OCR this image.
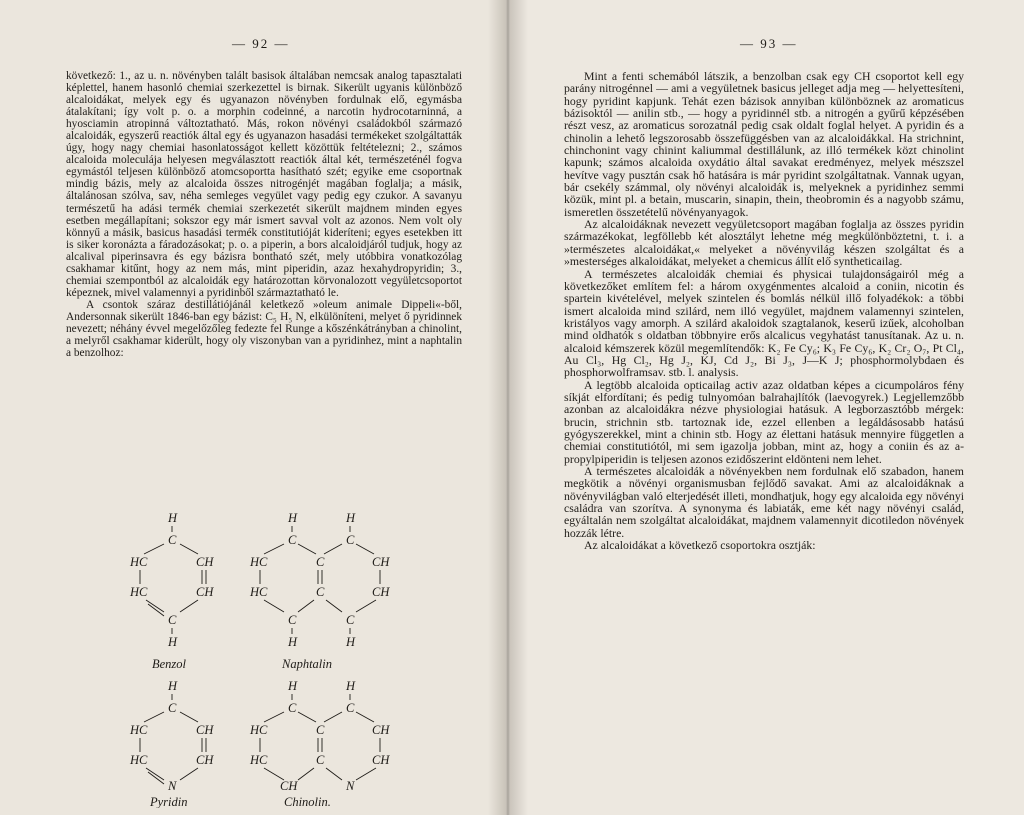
— 92 —

következő: 1., az u. n. növényben talált basisok általában nemcsak analog tapasztalati képlettel, hanem hasonló chemiai szerkezettel is birnak. Sikerült ugyanis különböző alcaloidákat, melyek egy és ugyanazon növényben fordulnak elő, egymásba átalakítani; így volt p. o. a morphin codeinné, a narcotin hydrocotarninná, a hyosciamin atropinná változtatható. Más, rokon növényi családokból származó alcaloidák, egyszerű reactiók által egy és ugyanazon hasadási termékeket szolgáltatták úgy, hogy nagy chemiai hasonlatosságot kellett közöttük feltételezni; 2., számos alcaloida moleculája helyesen megválasztott reactiók által két, természeténél fogva egymástól teljesen különböző atomcsoportta hasítható szét; egyike eme csoportnak mindig bázis, mely az alcaloida összes nitrogénjét magában foglalja; a másik, általánosan szólva, sav, néha semleges vegyület vagy pedig egy czukor. A savanyu természetű ha adási termék chemiai szerkezetét sikerült majdnem minden egyes esetben megállapítani; sokszor egy már ismert savval volt az azonos. Nem volt oly könnyű a másik, basicus hasadási termék constitutióját kideríteni; egyes esetekben itt is siker koronázta a fáradozásokat; p. o. a piperin, a bors alcaloidjáról tudjuk, hogy az alcalival piperinsavra és egy bázisra bontható szét, mely utóbbira vonatkozólag csakhamar kitűnt, hogy az nem más, mint piperidin, azaz hexahydropyridin; 3., chemiai szempontból az alcaloidák egy határozottan körvonalozott vegyületcsoportot képeznek, mivel valamennyi a pyridinből származtatható le.

A csontok száraz destillátiójánál keletkező »oleum animale Dippeli«-ből, Andersonnak sikerült 1846-ban egy bázist: C₅ H₅ N, elkülöníteni, melyet ő pyridinnek nevezett; néhány évvel megelőzőleg fedezte fel Runge a kőszénkátrányban a chinolint, a melyről csakhamar kiderült, hogy oly viszonyban van a pyridinhez, mint a naphtalin a benzolhoz:

H
C
HC	CH
HC	CH
C
H
Benzol
H	H
C	C
HC	C	CH
HC	C	CH
C	C
H	H
Naphtalin
H
C
HC	CH
HC	CH
N
Pyridin
H	H
C	C
HC	C	CH
HC	C	CH
CH	N
Chinolin.
— 93 —

Mint a fenti schemából látszik, a benzolban csak egy CH csoportot kell egy parány nitrogénnel — ami a vegyületnek basicus jelleget adja meg — helyettesíteni, hogy pyridint kapjunk. Tehát ezen bázisok annyiban különböznek az aromaticus bázisoktól — anilin stb., — hogy a pyridinnél stb. a nitrogén a gyűrű képzésében részt vesz, az aromaticus sorozatnál pedig csak oldalt foglal helyet. A pyridin és a chinolin a lehető legszorosabb összefüggésben van az alcaloidákkal. Ha strichnint, chinchonint vagy chinint kaliummal destillálunk, az illó termékek közt chinolint kapunk; számos alcaloida oxydátio által savakat eredményez, melyek mészszel hevítve vagy pusztán csak hő hatására is már pyridint szolgáltatnak. Vannak ugyan, bár csekély számmal, oly növényi alcaloidák is, melyeknek a pyridinhez semmi közük, mint pl. a betain, muscarin, sinapin, thein, theobromin és a nagyobb számu, ismeretlen összetételű növényanyagok.

Az alcaloidáknak nevezett vegyületcsoport magában foglalja az összes pyridin származékokat, legföllebb két alosztályt lehetne még megkülönböztetni, t. i. a »természetes alcaloidákat,« melyeket a növényvilág készen szolgáltat és a »mesterséges alkaloidákat, melyeket a chemicus állít elő syntheticailag.

A természetes alcaloidák chemiai és physicai tulajdonságairól még a következőket említem fel: a három oxygénmentes alcaloid a coniin, nicotin és spartein kivételével, melyek szintelen és bomlás nélkül illő folyadékok: a többi ismert alcaloida mind szilárd, nem illó vegyület, majdnem valamennyi szintelen, kristályos vagy amorph. A szilárd akaloidok szagtalanok, keserű izűek, alcoholban mind oldhatók s oldatban többnyire erős alcalicus vegyhatást tanusítanak. Az u. n. alcaloid kémszerek közül megemlítendők: K₂ Fe Cy₆; K₃ Fe Cy₆, K₂ Cr₂ O₇, Pt Cl₄, Au Cl₃, Hg Cl₂, Hg J₂, KJ, Cd J₂, Bi J₃, J—K J; phosphormolybdaen és phosphorwolframsav. stb. l. analysis.

A legtöbb alcaloida opticailag activ azaz oldatban képes a cicumpoláros fény síkját elfordítani; és pedig tulnyomóan balrahajlítók (laevogyrek.) Legjellemzőbb azonban az alcaloidákra nézve physiologiai hatásuk. A legborzasztóbb mérgek: brucin, strichnin stb. tartoznak ide, ezzel ellenben a legáldásosabb hatású gyógyszerekkel, mint a chinin stb. Hogy az élettani hatásuk mennyire független a chemiai constitutiótól, mi sem igazolja jobban, mint az, hogy a coniin és az a-propylpiperidin is teljesen azonos ezidőszerint eldönteni nem lehet.

A természetes alcaloidák a növényekben nem fordulnak elő szabadon, hanem megkötik a növényi organismusban fejlődő savakat. Ami az alcaloidáknak a növényvilágban való elterjedését illeti, mondhatjuk, hogy egy alcaloida egy növényi családra van szorítva. A synonyma és labiaták, eme két nagy növényi család, egyáltalán nem szolgáltat alcaloidákat, majdnem valamennyit dicotiledon növények hozzák létre.

Az alcaloidákat a következő csoportokra osztják:
